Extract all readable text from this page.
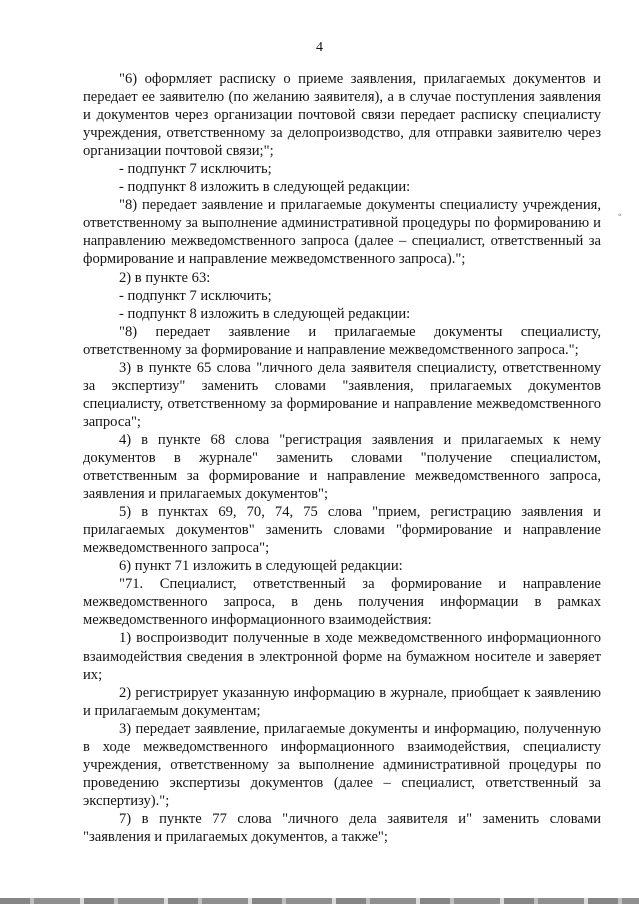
4

"6) оформляет расписку о приеме заявления, прилагаемых документов и передает ее заявителю (по желанию заявителя), а в случае поступления заявления и документов через организации почтовой связи передает расписку специалисту учреждения, ответственному за делопроизводство, для отправки заявителю через организации почтовой связи;";

- подпункт 7 исключить;

- подпункт 8 изложить в следующей редакции:

"8) передает заявление и прилагаемые документы специалисту учреждения, ответственному за выполнение административной процедуры по формированию и направлению межведомственного запроса (далее – специалист, ответственный за формирование и направление межведомственного запроса).";

2) в пункте 63:

- подпункт 7 исключить;

- подпункт 8 изложить в следующей редакции:

"8) передает заявление и прилагаемые документы специалисту, ответственному за формирование и направление межведомственного запроса.";

3) в пункте 65 слова "личного дела заявителя специалисту, ответственному за экспертизу" заменить словами "заявления, прилагаемых документов специалисту, ответственному за формирование и направление межведомственного запроса";

4) в пункте 68 слова "регистрация заявления и прилагаемых к нему документов в журнале" заменить словами "получение специалистом, ответственным за формирование и направление межведомственного запроса, заявления и прилагаемых документов";

5) в пунктах 69, 70, 74, 75 слова "прием, регистрацию заявления и прилагаемых документов" заменить словами "формирование и направление межведомственного запроса";

6) пункт 71 изложить в следующей редакции:

"71. Специалист, ответственный за формирование и направление межведомственного запроса, в день получения информации в рамках межведомственного информационного взаимодействия:

1) воспроизводит полученные в ходе межведомственного информационного взаимодействия сведения в электронной форме на бумажном носителе и заверяет их;

2) регистрирует указанную информацию в журнале, приобщает к заявлению и прилагаемым документам;

3) передает заявление, прилагаемые документы и информацию, полученную в ходе межведомственного информационного взаимодействия, специалисту учреждения, ответственному за выполнение административной процедуры по проведению экспертизы документов (далее – специалист, ответственный за экспертизу).";

7) в пункте 77 слова "личного дела заявителя и" заменить словами "заявления и прилагаемых документов, а также";

◦
